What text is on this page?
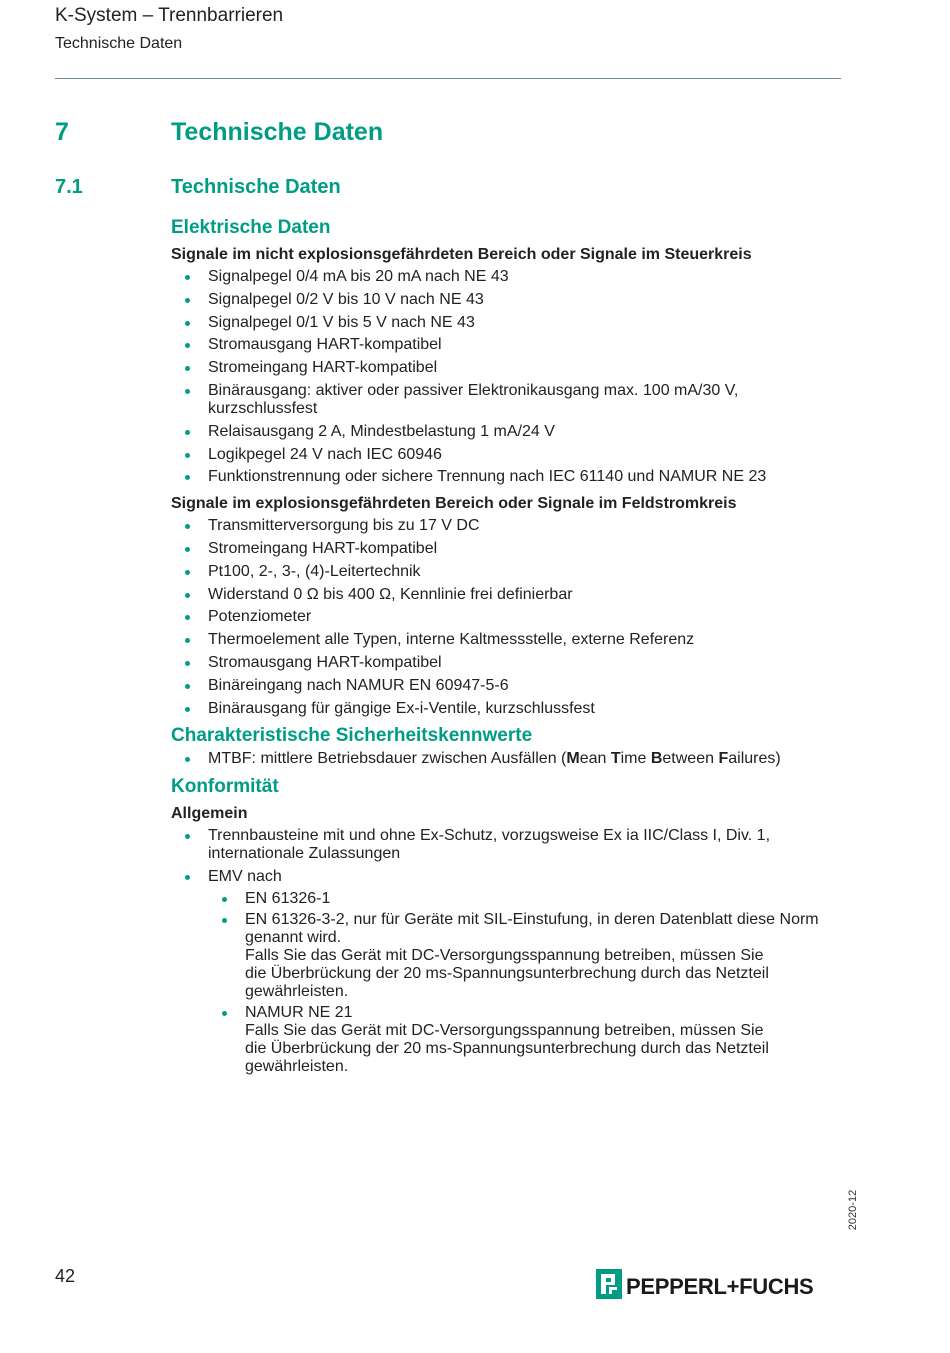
K-System – Trennbarrieren
Technische Daten
7	Technische Daten
7.1	Technische Daten
Elektrische Daten
Signale im nicht explosionsgefährdeten Bereich oder Signale im Steuerkreis
Signalpegel 0/4 mA bis 20 mA nach NE 43
Signalpegel 0/2 V bis 10 V nach NE 43
Signalpegel 0/1 V bis 5 V nach NE 43
Stromausgang HART-kompatibel
Stromeingang HART-kompatibel
Binärausgang: aktiver oder passiver Elektronikausgang max. 100 mA/30 V, kurzschlussfest
Relaisausgang 2 A, Mindestbelastung 1 mA/24 V
Logikpegel 24 V nach IEC 60946
Funktionstrennung oder sichere Trennung nach IEC 61140 und NAMUR NE 23
Signale im explosionsgefährdeten Bereich oder Signale im Feldstromkreis
Transmitterversorgung bis zu 17 V DC
Stromeingang HART-kompatibel
Pt100, 2-, 3-, (4)-Leitertechnik
Widerstand 0 Ω bis 400 Ω, Kennlinie frei definierbar
Potenziometer
Thermoelement alle Typen, interne Kaltmessstelle, externe Referenz
Stromausgang HART-kompatibel
Binäreingang nach NAMUR EN 60947-5-6
Binärausgang für gängige Ex-i-Ventile, kurzschlussfest
Charakteristische Sicherheitskennwerte
MTBF: mittlere Betriebsdauer zwischen Ausfällen (Mean Time Between Failures)
Konformität
Allgemein
Trennbausteine mit und ohne Ex-Schutz, vorzugsweise Ex ia IIC/Class I, Div. 1, internationale Zulassungen
EMV nach
EN 61326-1
EN 61326-3-2, nur für Geräte mit SIL-Einstufung, in deren Datenblatt diese Norm genannt wird.
Falls Sie das Gerät mit DC-Versorgungsspannung betreiben, müssen Sie die Überbrückung der 20 ms-Spannungsunterbrechung durch das Netzteil gewährleisten.
NAMUR NE 21
Falls Sie das Gerät mit DC-Versorgungsspannung betreiben, müssen Sie die Überbrückung der 20 ms-Spannungsunterbrechung durch das Netzteil gewährleisten.
2020-12
42	PEPPERL+FUCHS
